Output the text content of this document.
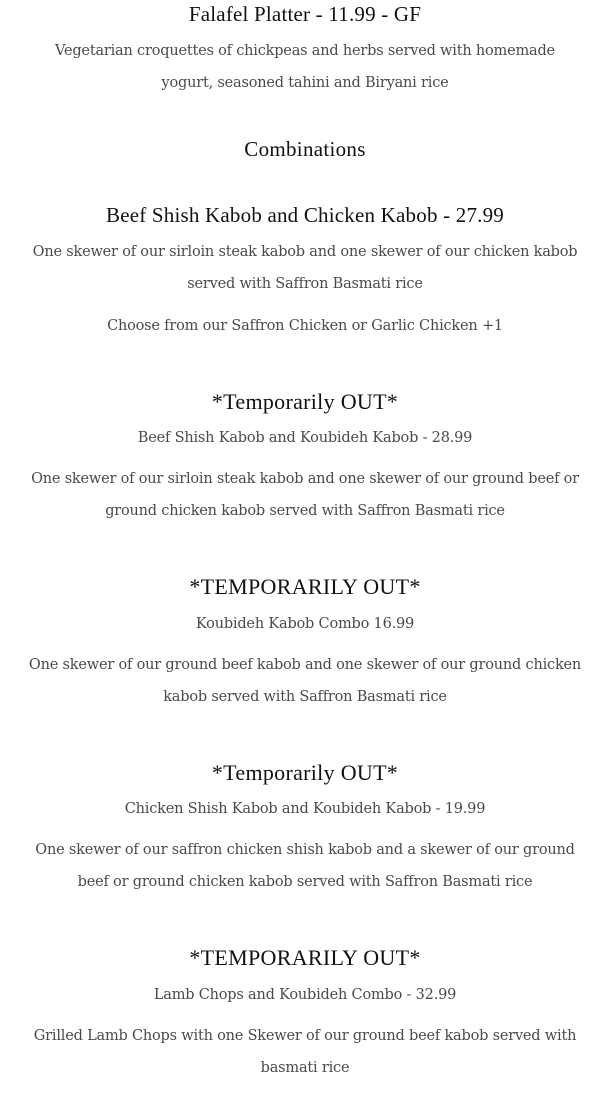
Falafel Platter - 11.99 - GF

Vegetarian croquettes of chickpeas and herbs served with homemade

yogurt, seasoned tahini and Biryani rice

Combinations

Beef Shish Kabob and Chicken Kabob - 27.99

One skewer of our sirloin steak kabob and one skewer of our chicken kabob

served with Saffron Basmati rice

Choose from our Saffron Chicken or Garlic Chicken +1

*Temporarily OUT*

Beef Shish Kabob and Koubideh Kabob - 28.99

One skewer of our sirloin steak kabob and one skewer of our ground beef or

ground chicken kabob served with Saffron Basmati rice

*TEMPORARILY OUT*

Koubideh Kabob Combo 16.99

One skewer of our ground beef kabob and one skewer of our ground chicken

kabob served with Saffron Basmati rice

*Temporarily OUT*

Chicken Shish Kabob and Koubideh Kabob - 19.99

One skewer of our saffron chicken shish kabob and a skewer of our ground

beef or ground chicken kabob served with Saffron Basmati rice

*TEMPORARILY OUT*

Lamb Chops and Koubideh Combo - 32.99

Grilled Lamb Chops with one Skewer of our ground beef kabob served with

basmati rice
